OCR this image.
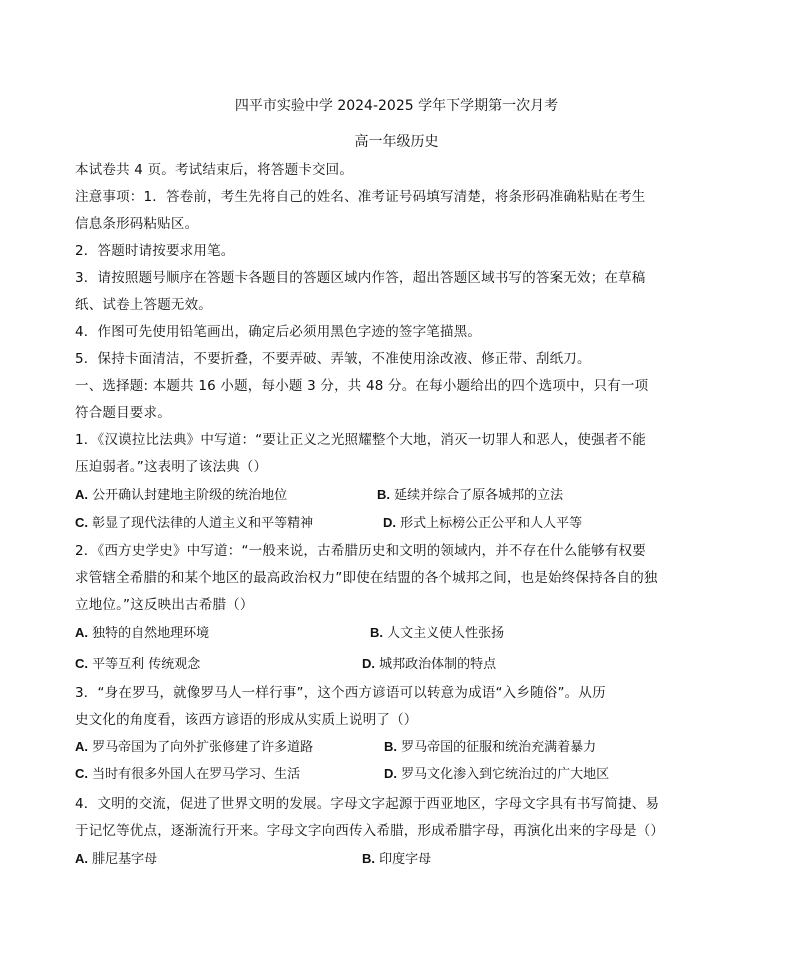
四平市实验中学 2024-2025 学年下学期第一次月考
高一年级历史
本试卷共 4 页。考试结束后，将答题卡交回。
注意事项：1．答卷前，考生先将自己的姓名、准考证号码填写清楚，将条形码准确粘贴在考生
信息条形码粘贴区。
2．答题时请按要求用笔。
3．请按照题号顺序在答题卡各题目的答题区域内作答，超出答题区域书写的答案无效；在草稿
纸、试卷上答题无效。
4．作图可先使用铅笔画出，确定后必须用黑色字迹的签字笔描黑。
5．保持卡面清洁，不要折叠，不要弄破、弄皱，不准使用涂改液、修正带、刮纸刀。
一、选择题: 本题共 16 小题，每小题 3 分，共 48 分。在每小题给出的四个选项中，只有一项
符合题目要求。
1．《汉谟拉比法典》中写道：“要让正义之光照耀整个大地，消灭一切罪人和恶人，使强者不能
压迫弱者。”这表明了该法典（）
A. 公开确认封建地主阶级的统治地位	B. 延续并综合了原各城邦的立法
C. 彰显了现代法律的人道主义和平等精神	D. 形式上标榜公正公平和人人平等
2．《西方史学史》中写道：“一般来说，古希腊历史和文明的领域内，并不存在什么能够有权要
求管辖全希腊的和某个地区的最高政治权力”即使在结盟的各个城邦之间，也是始终保持各自的独
立地位。”这反映出古希腊（）
A. 独特的自然地理环境	B. 人文主义使人性张扬
C. 平等互利 传统观念	D. 城邦政治体制的特点
3．“身在罗马，就像罗马人一样行事”，这个西方谚语可以转意为成语“入乡随俗”。从历
史文化的角度看，该西方谚语的形成从实质上说明了（）
A. 罗马帝国为了向外扩张修建了许多道路	B. 罗马帝国的征服和统治充满着暴力
C. 当时有很多外国人在罗马学习、生活	D. 罗马文化渗入到它统治过的广大地区
4．文明的交流，促进了世界文明的发展。字母文字起源于西亚地区，字母文字具有书写简捷、易
于记忆等优点，逐渐流行开来。字母文字向西传入希腊，形成希腊字母，再演化出来的字母是（）
A. 腓尼基字母	B. 印度字母
